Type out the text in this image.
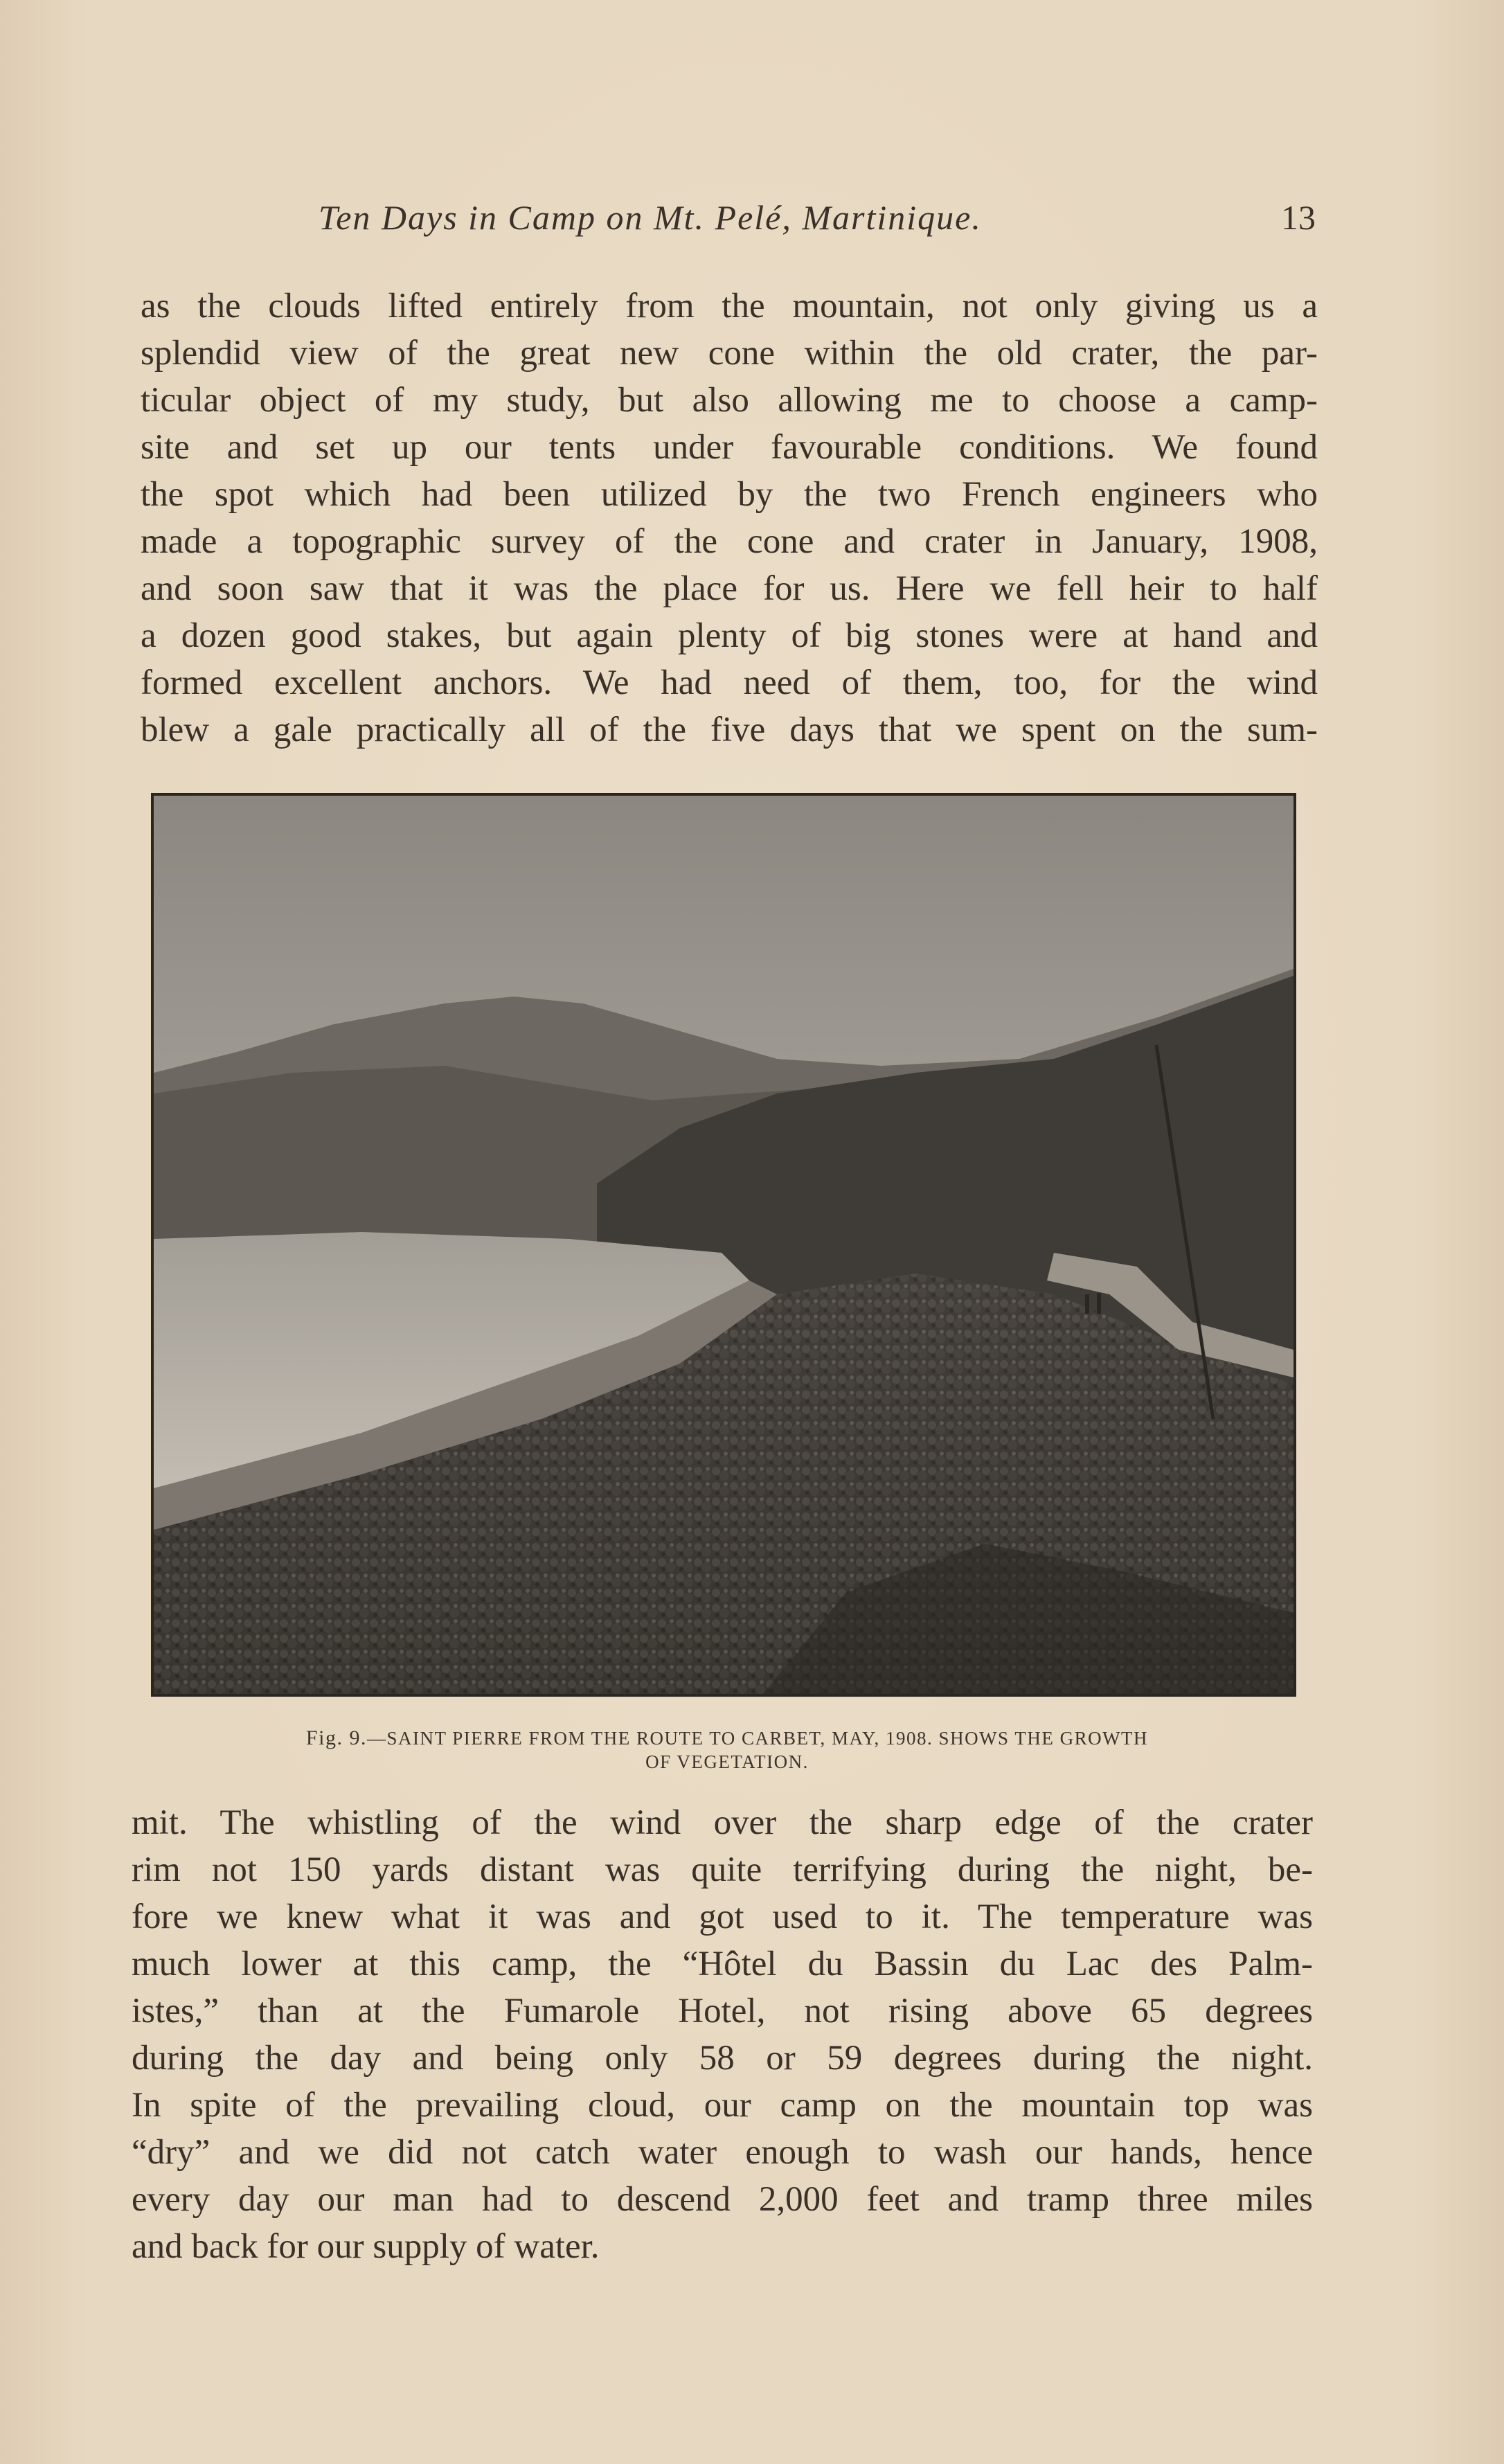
Ten Days in Camp on Mt. Pelé, Martinique.	13
as the clouds lifted entirely from the mountain, not only giving us a
splendid view of the great new cone within the old crater, the par-
ticular object of my study, but also allowing me to choose a camp-
site and set up our tents under favourable conditions. We found
the spot which had been utilized by the two French engineers who
made a topographic survey of the cone and crater in January, 1908,
and soon saw that it was the place for us. Here we fell heir to half
a dozen good stakes, but again plenty of big stones were at hand and
formed excellent anchors. We had need of them, too, for the wind
blew a gale practically all of the five days that we spent on the sum-
Fig. 9.—SAINT PIERRE FROM THE ROUTE TO CARBET, MAY, 1908. SHOWS THE GROWTH
OF VEGETATION.
mit. The whistling of the wind over the sharp edge of the crater
rim not 150 yards distant was quite terrifying during the night, be-
fore we knew what it was and got used to it. The temperature was
much lower at this camp, the “Hôtel du Bassin du Lac des Palm-
istes,” than at the Fumarole Hotel, not rising above 65 degrees
during the day and being only 58 or 59 degrees during the night.
In spite of the prevailing cloud, our camp on the mountain top was
“dry” and we did not catch water enough to wash our hands, hence
every day our man had to descend 2,000 feet and tramp three miles
and back for our supply of water.
